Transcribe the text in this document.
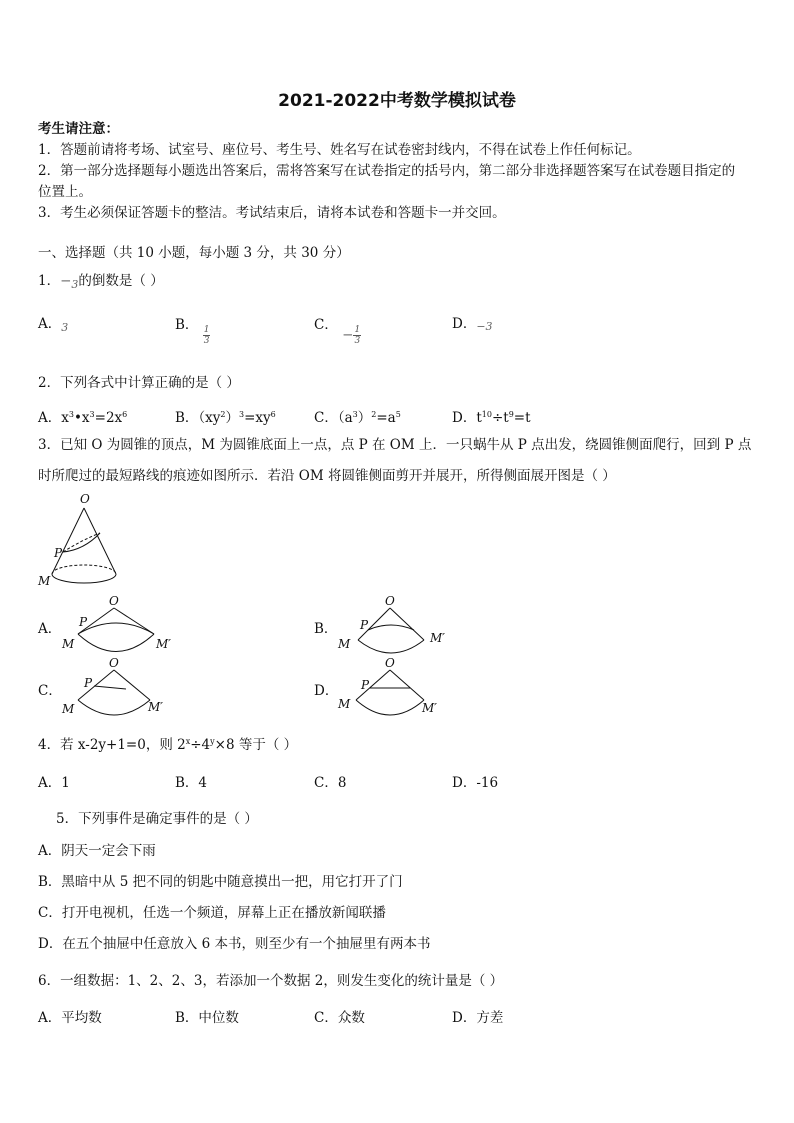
2021-2022中考数学模拟试卷
考生请注意：
1．答题前请将考场、试室号、座位号、考生号、姓名写在试卷密封线内，不得在试卷上作任何标记。
2．第一部分选择题每小题选出答案后，需将答案写在试卷指定的括号内，第二部分非选择题答案写在试卷题目指定的
位置上。
3．考生必须保证答题卡的整洁。考试结束后，请将本试卷和答题卡一并交回。
一、选择题（共 10 小题，每小题 3 分，共 30 分）
1．$-_3$的倒数是（ ）
A．$_3$	B． $\frac{1}{3}$	C． − $\frac{1}{3}$
D．−3
2．下列各式中计算正确的是（ ）
A．$x^3•x^3=2x^6$	B．$(xy^2)^3=xy^6$	C．$(a^3)^2=a^5$	D．$t^{10}\div t^9=t$
3．已知 O 为圆锥的顶点，M 为圆锥底面上一点，点 P 在 OM 上．一只蜗牛从 P 点出发，绕圆锥侧面爬行，回到 P 点
时所爬过的最短路线的痕迹如图所示．若沿 OM 将圆锥侧面剪开并展开，所得侧面展开图是（ ）
O
P
M
A．
O
P
M	M′
B．
O
P
M	M′
C．
O
P
M	M′
D．
O
P
M	M′
4．若 x-2y+1=0，则 $2^x\div 4^y\times 8$ 等于（ ）
A．1	B．4	C．8	D．-16
5．下列事件是确定事件的是（ ）
A．阴天一定会下雨
B．黑暗中从 5 把不同的钥匙中随意摸出一把，用它打开了门
C．打开电视机，任选一个频道，屏幕上正在播放新闻联播
D．在五个抽屉中任意放入 6 本书，则至少有一个抽屉里有两本书
6．一组数据：1、2、2、3，若添加一个数据 2，则发生变化的统计量是（ ）
A．平均数	B．中位数	C．众数	D．方差
